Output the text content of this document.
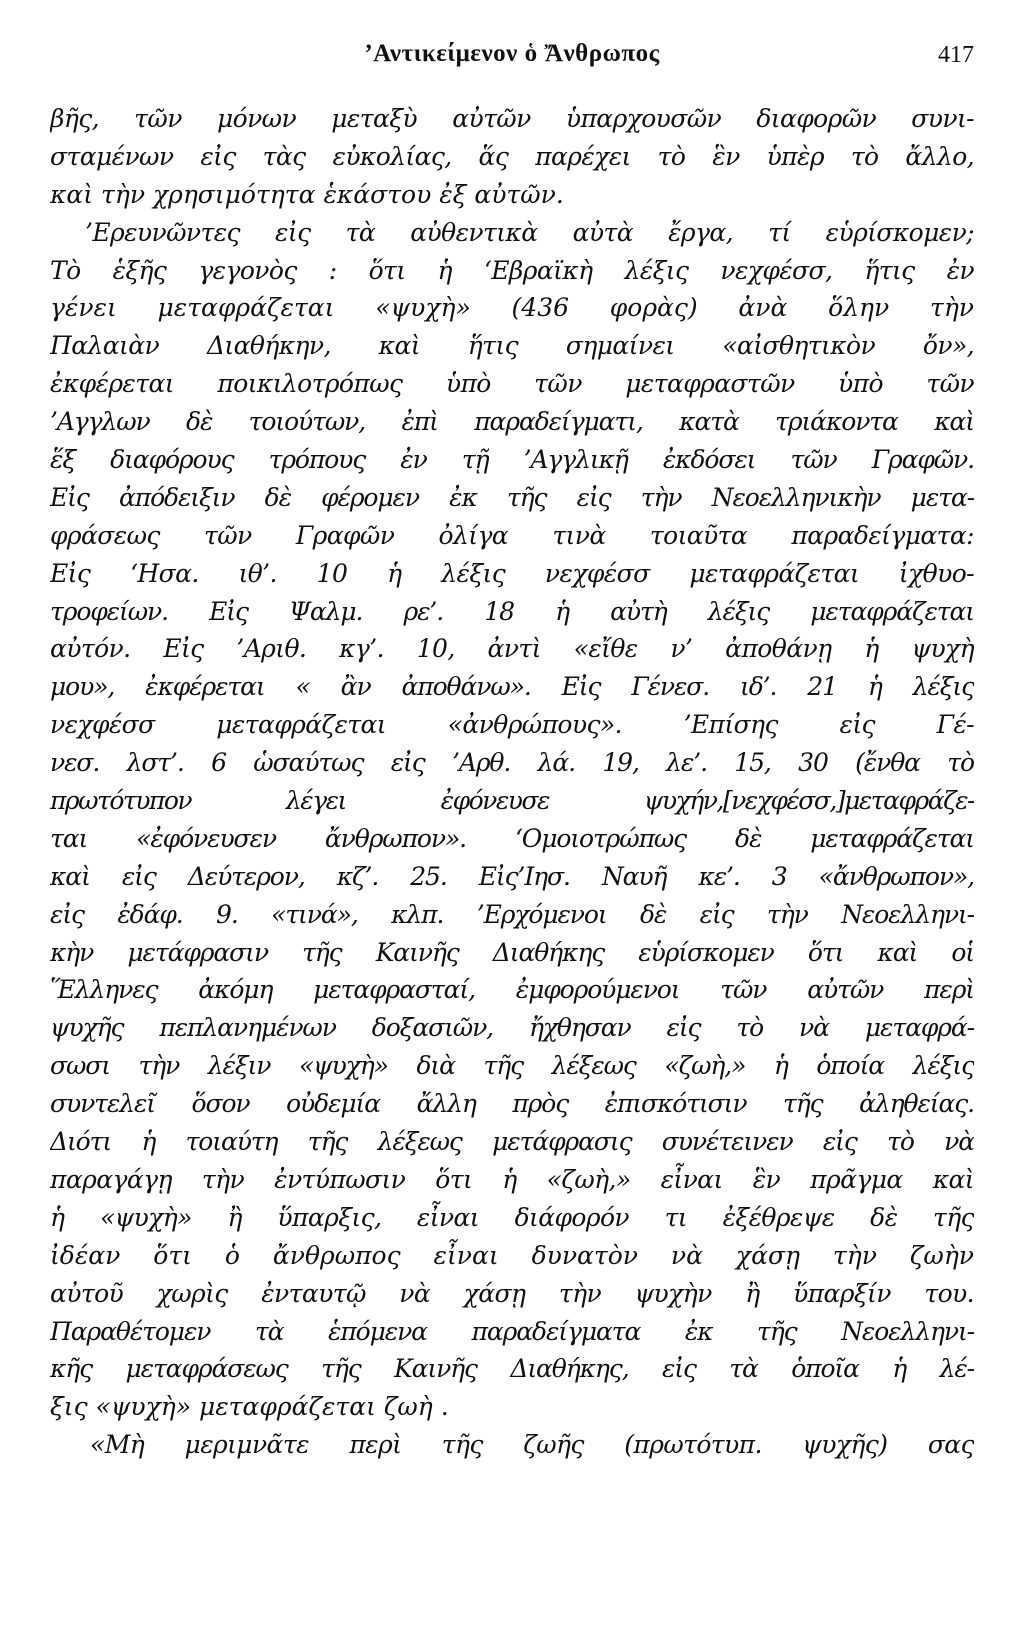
’Αντικείμενον ὁ Ἄνθρωπος	417
βῆς, τῶν μόνων μεταξὺ αὐτῶν ὑπαρχουσῶν διαφορῶν συνι-
σταμένων εἰς τὰς εὐκολίας, ἅς παρέχει τὸ ἓν ὑπὲρ τὸ ἄλλο,
καὶ τὴν χρησιμότητα ἑκάστου ἐξ αὐτῶν.
’Ερευνῶντες εἰς τὰ αὐθεντικὰ αὐτὰ ἔργα, τί εὑρίσκομεν;
Τὸ ἑξῆς γεγονὸς : ὅτι ἡ ‘Εβραϊκὴ λέξις νεχφέσσ, ἥτις ἐν
γένει μεταφράζεται «ψυχὴ» (436 φορὰς) ἀνὰ ὅλην τὴν
Παλαιὰν Διαθήκην, καὶ ἥτις σημαίνει «αἰσθητικὸν ὄν»,
ἐκφέρεται ποικιλοτρόπως ὑπὸ τῶν μεταφραστῶν ὑπὸ τῶν
’Αγγλων δὲ τοιούτων, ἐπὶ παραδείγματι, κατὰ τριάκοντα καὶ
ἕξ διαφόρους τρόπους ἐν τῇ ’Αγγλικῇ ἐκδόσει τῶν Γραφῶν.
Εἰς ἀπόδειξιν δὲ φέρομεν ἐκ τῆς εἰς τὴν Νεοελληνικὴν μετα-
φράσεως τῶν Γραφῶν ὀλίγα τινὰ τοιαῦτα παραδείγματα:
Εἰς ‘Ησα. ιθ’. 10 ἡ λέξις νεχφέσσ μεταφράζεται ἰχθυο-
τροφείων. Εἰς Ψαλμ. ρε’. 18 ἡ αὐτὴ λέξις μεταφράζεται
αὐτόν. Εἰς ’Αριθ. κγ’. 10, ἀντὶ «εἴθε ν’ ἀποθάνῃ ἡ ψυχὴ
μου», ἐκφέρεται « ἂν ἀποθάνω». Εἰς Γένεσ. ιδ’. 21 ἡ λέξις
νεχφέσσ μεταφράζεται «ἀνθρώπους». ’Επίσης εἰς Γέ-
νεσ. λστ’. 6 ὡσαύτως εἰς ’Αρθ. λά. 19, λε’. 15, 30 (ἔνθα τὸ
πρωτότυπον λέγει ἐφόνευσε ψυχήν,[νεχφέσσ,]μεταφράζε-
ται «ἐφόνευσεν ἄνθρωπον». ‘Ομοιοτρώπως δὲ μεταφράζεται
καὶ εἰς Δεύτερον, κζ’. 25. Εἰς’Ιησ. Ναυῆ κε’. 3 «ἄνθρωπον»,
εἰς ἐδάφ. 9. «τινά», κλπ. ’Ερχόμενοι δὲ εἰς τὴν Νεοελληνι-
κὴν μετάφρασιν τῆς Καινῆς Διαθήκης εὑρίσκομεν ὅτι καὶ οἱ
Ἕλληνες ἀκόμη μεταφρασταί, ἐμφορούμενοι τῶν αὐτῶν περὶ
ψυχῆς πεπλανημένων δοξασιῶν, ἤχθησαν εἰς τὸ νὰ μεταφρά-
σωσι τὴν λέξιν «ψυχὴ» διὰ τῆς λέξεως «ζωὴ,» ἡ ὁποία λέξις
συντελεῖ ὅσον οὐδεμία ἄλλη πρὸς ἐπισκότισιν τῆς ἀληθείας.
Διότι ἡ τοιαύτη τῆς λέξεως μετάφρασις συνέτεινεν εἰς τὸ νὰ
παραγάγῃ τὴν ἐντύπωσιν ὅτι ἡ «ζωὴ,» εἶναι ἓν πρᾶγμα καὶ
ἡ «ψυχὴ» ἢ ὕπαρξις, εἶναι διάφορόν τι ἐξέθρεψε δὲ τῆς
ἰδέαν ὅτι ὁ ἄνθρωπος εἶναι δυνατὸν νὰ χάσῃ τὴν ζωὴν
αὐτοῦ χωρὶς ἐνταυτῷ νὰ χάσῃ τὴν ψυχὴν ἢ ὕπαρξίν του.
Παραθέτομεν τὰ ἑπόμενα παραδείγματα ἐκ τῆς Νεοελληνι-
κῆς μεταφράσεως τῆς Καινῆς Διαθήκης, εἰς τὰ ὁποῖα ἡ λέ-
ξις «ψυχὴ» μεταφράζεται ζωὴ .
«Μὴ μεριμνᾶτε περὶ τῆς ζωῆς (πρωτότυπ. ψυχῆς) σας
